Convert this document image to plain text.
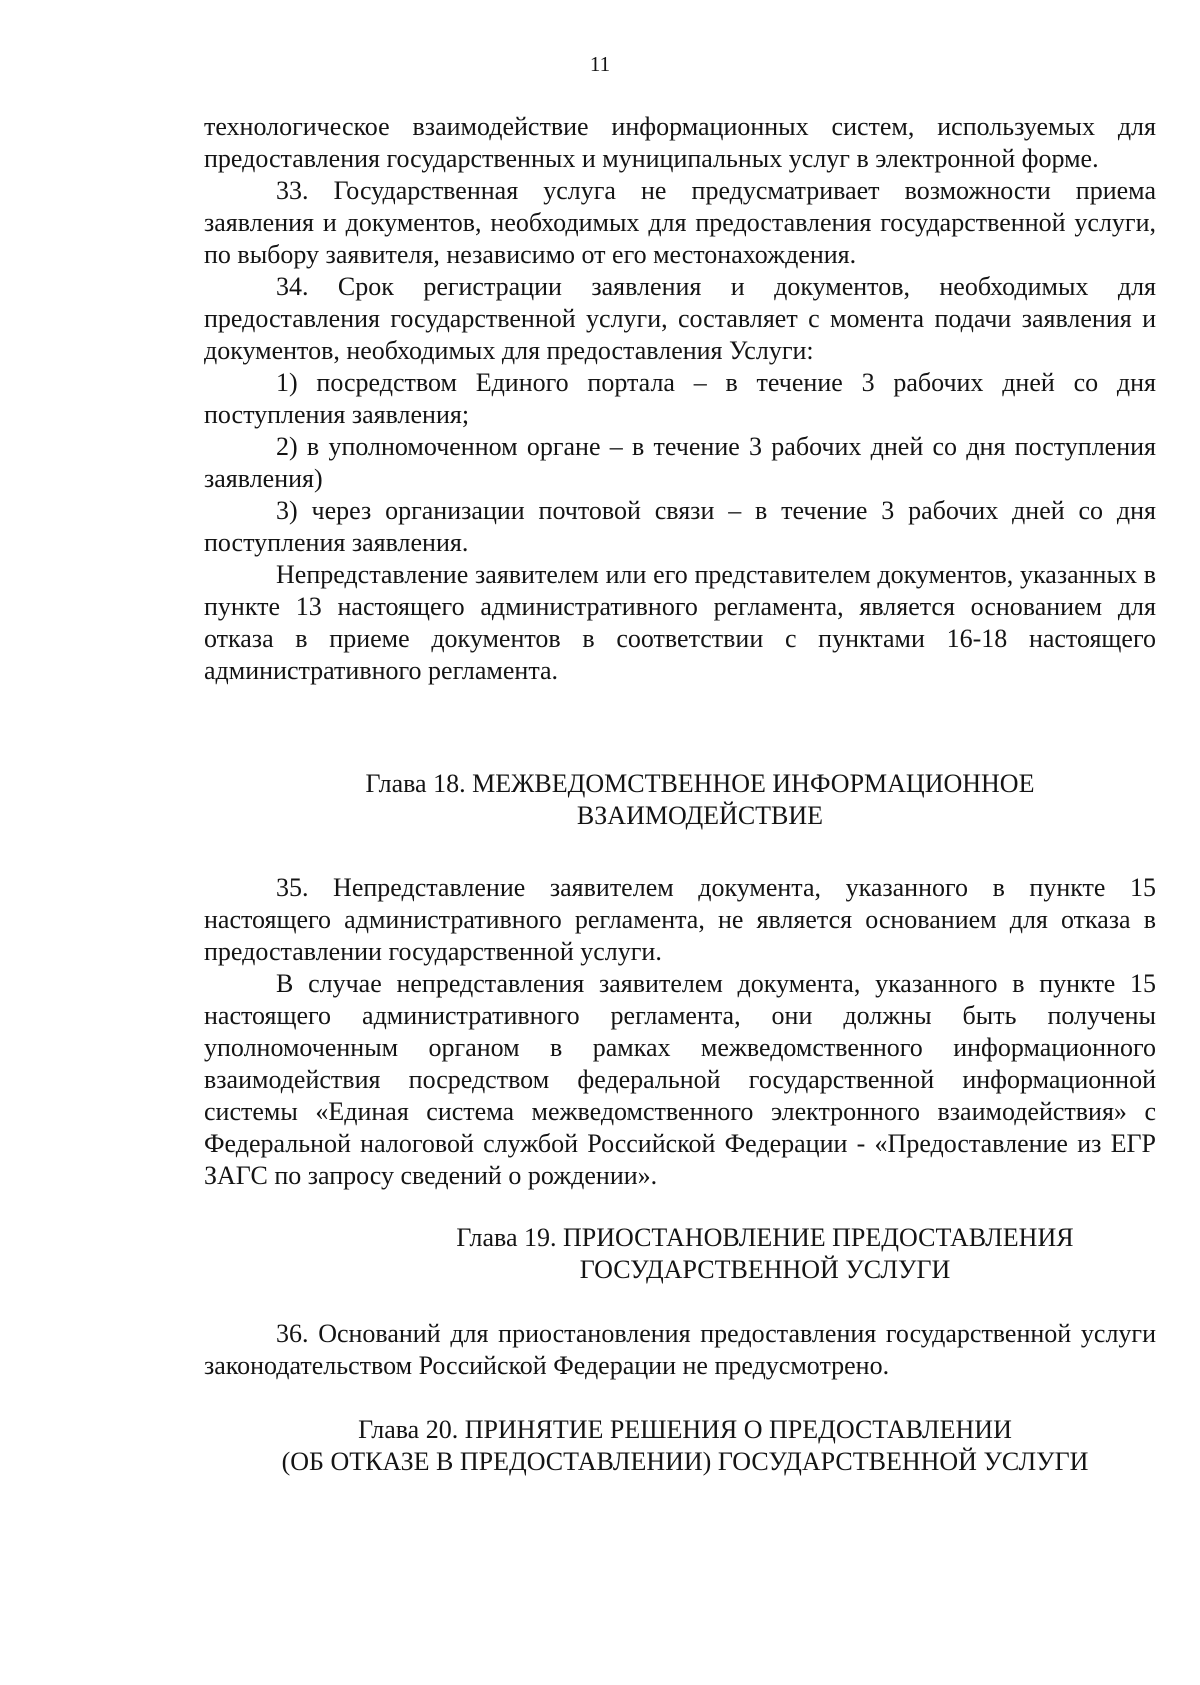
11

технологическое взаимодействие информационных систем, используемых для предоставления государственных и муниципальных услуг в электронной форме.

33. Государственная услуга не предусматривает возможности приема заявления и документов, необходимых для предоставления государственной услуги, по выбору заявителя, независимо от его местонахождения.

34. Срок регистрации заявления и документов, необходимых для предоставления государственной услуги, составляет с момента подачи заявления и документов, необходимых для предоставления Услуги:

1) посредством Единого портала – в течение 3 рабочих дней со дня поступления заявления;

2) в уполномоченном органе – в течение 3 рабочих дней со дня поступления заявления)

3) через организации почтовой связи – в течение 3 рабочих дней со дня поступления заявления.

Непредставление заявителем или его представителем документов, указанных в пункте 13 настоящего административного регламента, является основанием для отказа в приеме документов в соответствии с пунктами 16-18 настоящего административного регламента.

Глава 18. МЕЖВЕДОМСТВЕННОЕ ИНФОРМАЦИОННОЕ
ВЗАИМОДЕЙСТВИЕ

35. Непредставление заявителем документа, указанного в пункте 15 настоящего административного регламента, не является основанием для отказа в предоставлении государственной услуги.

В случае непредставления заявителем документа, указанного в пункте 15 настоящего административного регламента, они должны быть получены уполномоченным органом в рамках межведомственного информационного взаимодействия посредством федеральной государственной информационной системы «Единая система межведомственного электронного взаимодействия» с Федеральной налоговой службой Российской Федерации - «Предоставление из ЕГР ЗАГС по запросу сведений о рождении».

Глава 19. ПРИОСТАНОВЛЕНИЕ ПРЕДОСТАВЛЕНИЯ
ГОСУДАРСТВЕННОЙ УСЛУГИ

36. Оснований для приостановления предоставления государственной услуги законодательством Российской Федерации не предусмотрено.

Глава 20. ПРИНЯТИЕ РЕШЕНИЯ О ПРЕДОСТАВЛЕНИИ
(ОБ ОТКАЗЕ В ПРЕДОСТАВЛЕНИИ) ГОСУДАРСТВЕННОЙ УСЛУГИ
